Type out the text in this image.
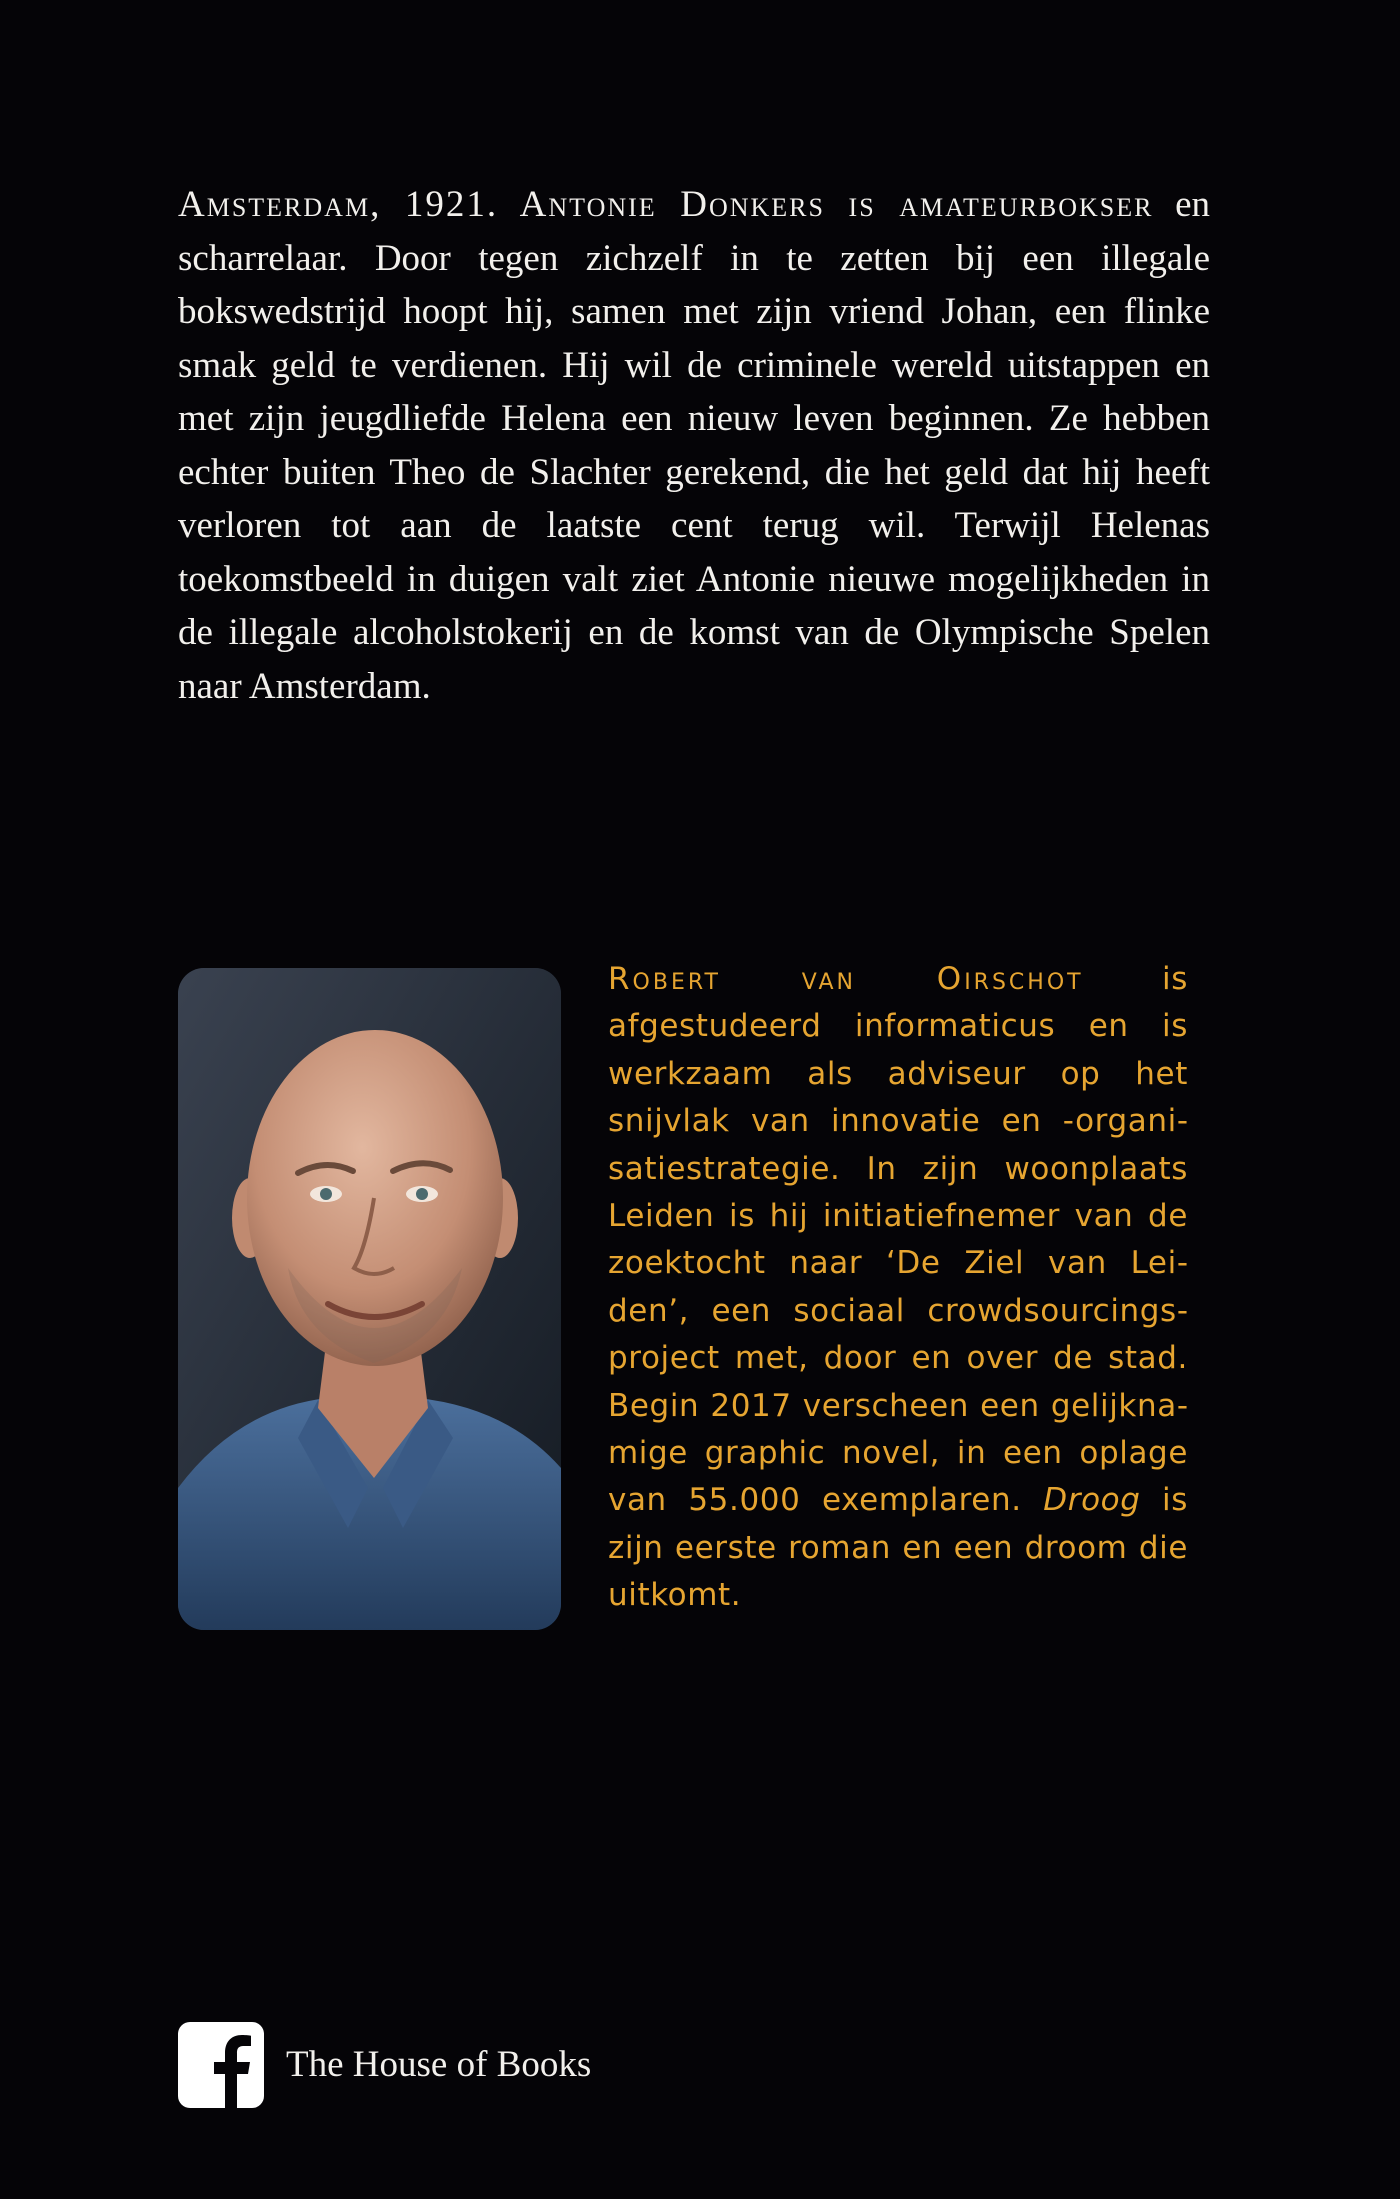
Amsterdam, 1921. Antonie Donkers is amateurbokser en scharrelaar. Door tegen zichzelf in te zetten bij een illegale bokswedstrijd hoopt hij, samen met zijn vriend Johan, een flinke smak geld te verdienen. Hij wil de criminele wereld uitstappen en met zijn jeugdliefde Helena een nieuw leven beginnen. Ze hebben echter buiten Theo de Slachter gerekend, die het geld dat hij heeft verloren tot aan de laatste cent terug wil. Terwijl Helenas toekomstbeeld in duigen valt ziet Antonie nieuwe mogelijkheden in de illegale alcoholstokerij en de komst van de Olympische Spelen naar Amsterdam.

Robert van Oirschot is afgestudeerd informaticus en is werkzaam als adviseur op het snijvlak van innovatie en -organisatiestrategie. In zijn woonplaats Leiden is hij initiatiefnemer van de zoektocht naar ‘De Ziel van Leiden’, een sociaal crowdsourcingsproject met, door en over de stad. Begin 2017 verscheen een gelijknamige graphic novel, in een oplage van 55.000 exemplaren. Droog is zijn eerste roman en een droom die uitkomt.

The House of Books
